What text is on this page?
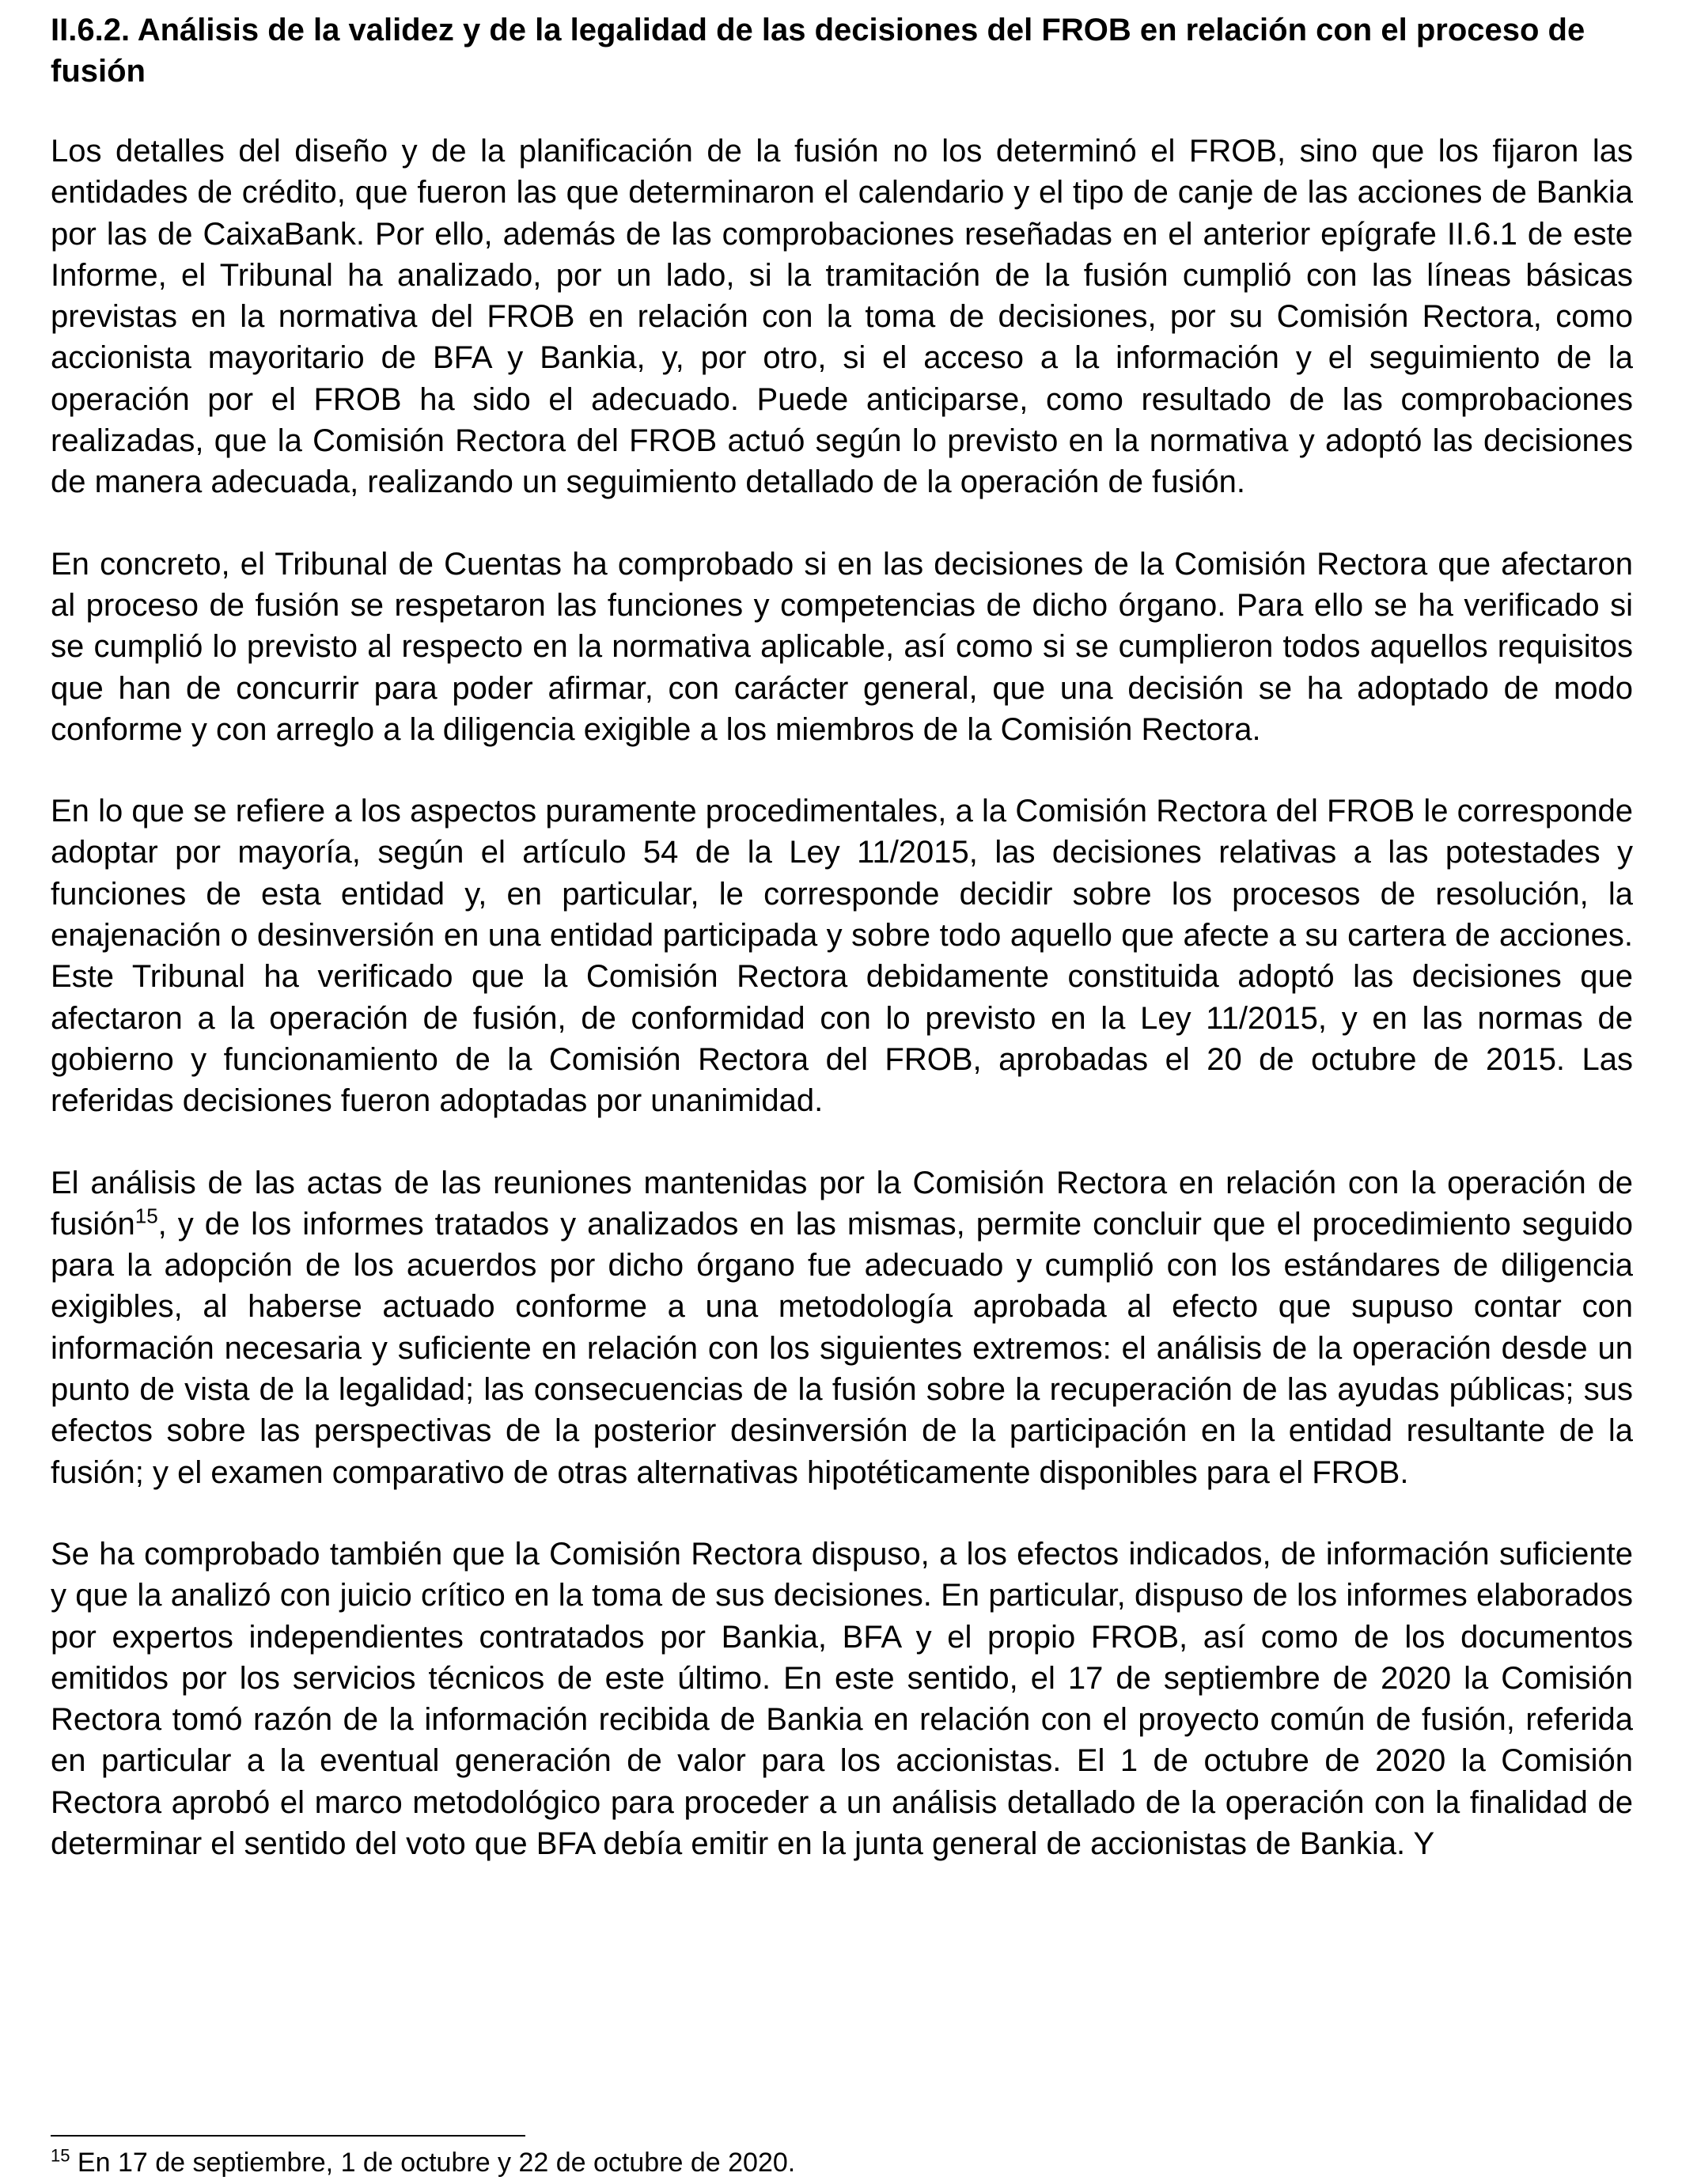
II.6.2. Análisis de la validez y de la legalidad de las decisiones del FROB en relación con el proceso de fusión

Los detalles del diseño y de la planificación de la fusión no los determinó el FROB, sino que los fijaron las entidades de crédito, que fueron las que determinaron el calendario y el tipo de canje de las acciones de Bankia por las de CaixaBank. Por ello, además de las comprobaciones reseñadas en el anterior epígrafe II.6.1 de este Informe, el Tribunal ha analizado, por un lado, si la tramitación de la fusión cumplió con las líneas básicas previstas en la normativa del FROB en relación con la toma de decisiones, por su Comisión Rectora, como accionista mayoritario de BFA y Bankia, y, por otro, si el acceso a la información y el seguimiento de la operación por el FROB ha sido el adecuado. Puede anticiparse, como resultado de las comprobaciones realizadas, que la Comisión Rectora del FROB actuó según lo previsto en la normativa y adoptó las decisiones de manera adecuada, realizando un seguimiento detallado de la operación de fusión.

En concreto, el Tribunal de Cuentas ha comprobado si en las decisiones de la Comisión Rectora que afectaron al proceso de fusión se respetaron las funciones y competencias de dicho órgano. Para ello se ha verificado si se cumplió lo previsto al respecto en la normativa aplicable, así como si se cumplieron todos aquellos requisitos que han de concurrir para poder afirmar, con carácter general, que una decisión se ha adoptado de modo conforme y con arreglo a la diligencia exigible a los miembros de la Comisión Rectora.

En lo que se refiere a los aspectos puramente procedimentales, a la Comisión Rectora del FROB le corresponde adoptar por mayoría, según el artículo 54 de la Ley 11/2015, las decisiones relativas a las potestades y funciones de esta entidad y, en particular, le corresponde decidir sobre los procesos de resolución, la enajenación o desinversión en una entidad participada y sobre todo aquello que afecte a su cartera de acciones. Este Tribunal ha verificado que la Comisión Rectora debidamente constituida adoptó las decisiones que afectaron a la operación de fusión, de conformidad con lo previsto en la Ley 11/2015, y en las normas de gobierno y funcionamiento de la Comisión Rectora del FROB, aprobadas el 20 de octubre de 2015. Las referidas decisiones fueron adoptadas por unanimidad.

El análisis de las actas de las reuniones mantenidas por la Comisión Rectora en relación con la operación de fusión$^{15}$, y de los informes tratados y analizados en las mismas, permite concluir que el procedimiento seguido para la adopción de los acuerdos por dicho órgano fue adecuado y cumplió con los estándares de diligencia exigibles, al haberse actuado conforme a una metodología aprobada al efecto que supuso contar con información necesaria y suficiente en relación con los siguientes extremos: el análisis de la operación desde un punto de vista de la legalidad; las consecuencias de la fusión sobre la recuperación de las ayudas públicas; sus efectos sobre las perspectivas de la posterior desinversión de la participación en la entidad resultante de la fusión; y el examen comparativo de otras alternativas hipotéticamente disponibles para el FROB.

Se ha comprobado también que la Comisión Rectora dispuso, a los efectos indicados, de información suficiente y que la analizó con juicio crítico en la toma de sus decisiones. En particular, dispuso de los informes elaborados por expertos independientes contratados por Bankia, BFA y el propio FROB, así como de los documentos emitidos por los servicios técnicos de este último. En este sentido, el 17 de septiembre de 2020 la Comisión Rectora tomó razón de la información recibida de Bankia en relación con el proyecto común de fusión, referida en particular a la eventual generación de valor para los accionistas. El 1 de octubre de 2020 la Comisión Rectora aprobó el marco metodológico para proceder a un análisis detallado de la operación con la finalidad de determinar el sentido del voto que BFA debía emitir en la junta general de accionistas de Bankia. Y

$^{15}$ En 17 de septiembre, 1 de octubre y 22 de octubre de 2020.
